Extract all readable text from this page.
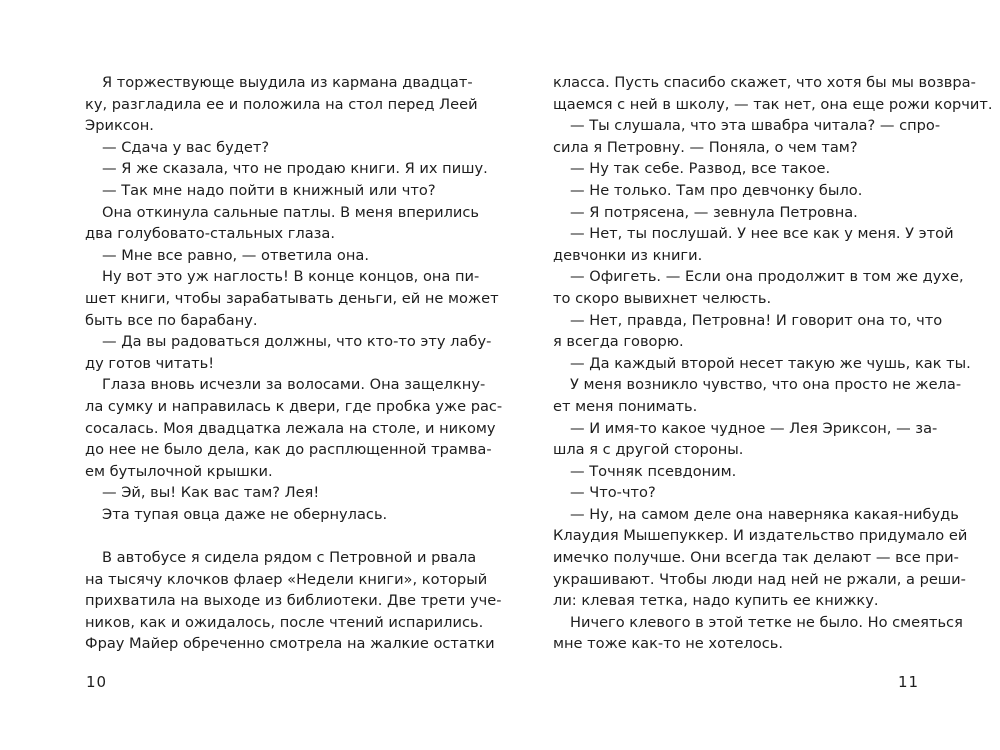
Я торжествующе выудила из кармана двадцат-
ку, разгладила ее и положила на стол перед Леей
Эриксон.
— Сдача у вас будет?
— Я же сказала, что не продаю книги. Я их пишу.
— Так мне надо пойти в книжный или что?
Она откинула сальные патлы. В меня вперились
два голубовато-стальных глаза.
— Мне все равно, — ответила она.
Ну вот это уж наглость! В конце концов, она пи-
шет книги, чтобы зарабатывать деньги, ей не может
быть все по барабану.
— Да вы радоваться должны, что кто-то эту лабу-
ду готов читать!
Глаза вновь исчезли за волосами. Она защелкну-
ла сумку и направилась к двери, где пробка уже рас-
сосалась. Моя двадцатка лежала на столе, и никому
до нее не было дела, как до расплющенной трамва-
ем бутылочной крышки.
— Эй, вы! Как вас там? Лея!
Эта тупая овца даже не обернулась.
В автобусе я сидела рядом с Петровной и рвала
на тысячу клочков флаер «Недели книги», который
прихватила на выходе из библиотеки. Две трети уче-
ников, как и ожидалось, после чтений испарились.
Фрау Майер обреченно смотрела на жалкие остатки
класса. Пусть спасибо скажет, что хотя бы мы возвра-
щаемся с ней в школу, — так нет, она еще рожи корчит.
— Ты слушала, что эта швабра читала? — спро-
сила я Петровну. — Поняла, о чем там?
— Ну так себе. Развод, все такое.
— Не только. Там про девчонку было.
— Я потрясена, — зевнула Петровна.
— Нет, ты послушай. У нее все как у меня. У этой
девчонки из книги.
— Офигеть. — Если она продолжит в том же духе,
то скоро вывихнет челюсть.
— Нет, правда, Петровна! И говорит она то, что
я всегда говорю.
— Да каждый второй несет такую же чушь, как ты.
У меня возникло чувство, что она просто не жела-
ет меня понимать.
— И имя-то какое чудное — Лея Эриксон, — за-
шла я с другой стороны.
— Точняк псевдоним.
— Что-что?
— Ну, на самом деле она наверняка какая-нибудь
Клаудия Мышепуккер. И издательство придумало ей
имечко получше. Они всегда так делают — все при-
украшивают. Чтобы люди над ней не ржали, а реши-
ли: клевая тетка, надо купить ее книжку.
Ничего клевого в этой тетке не было. Но смеяться
мне тоже как-то не хотелось.
10	11
